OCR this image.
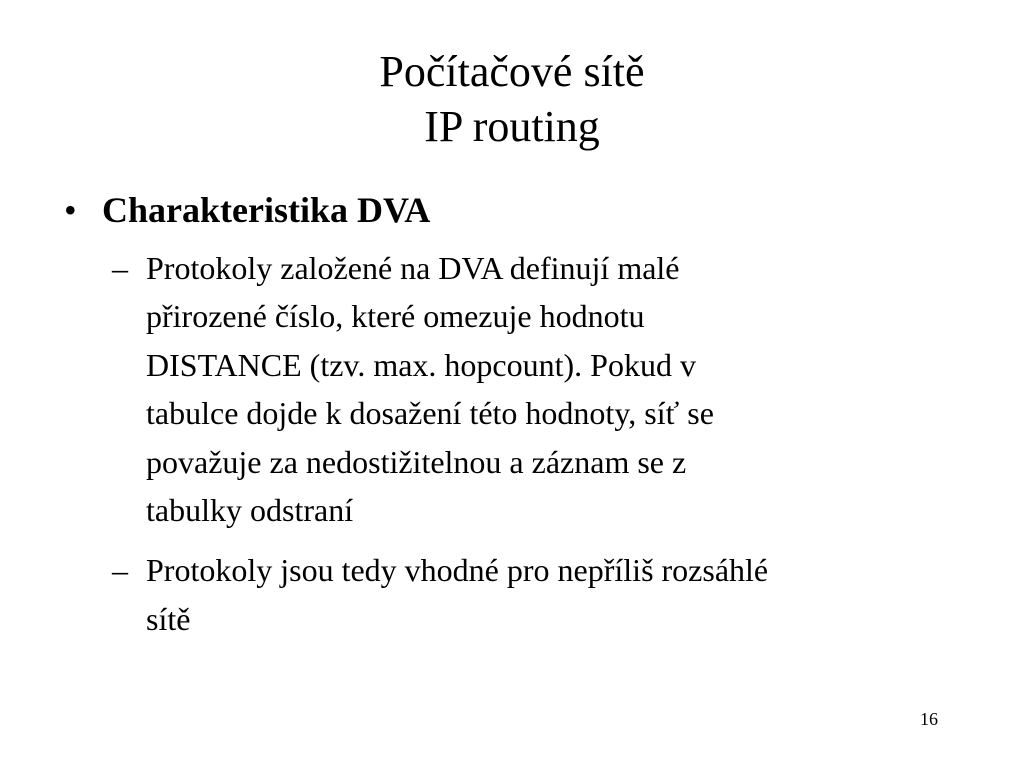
Počítačové sítě
IP routing
• Charakteristika DVA
– Protokoly založené na DVA definují malé
přirozené číslo, které omezuje hodnotu
DISTANCE (tzv. max. hopcount). Pokud v
tabulce dojde k dosažení této hodnoty, síť se
považuje za nedostižitelnou a záznam se z
tabulky odstraní
– Protokoly jsou tedy vhodné pro nepříliš rozsáhlé
sítě
16
